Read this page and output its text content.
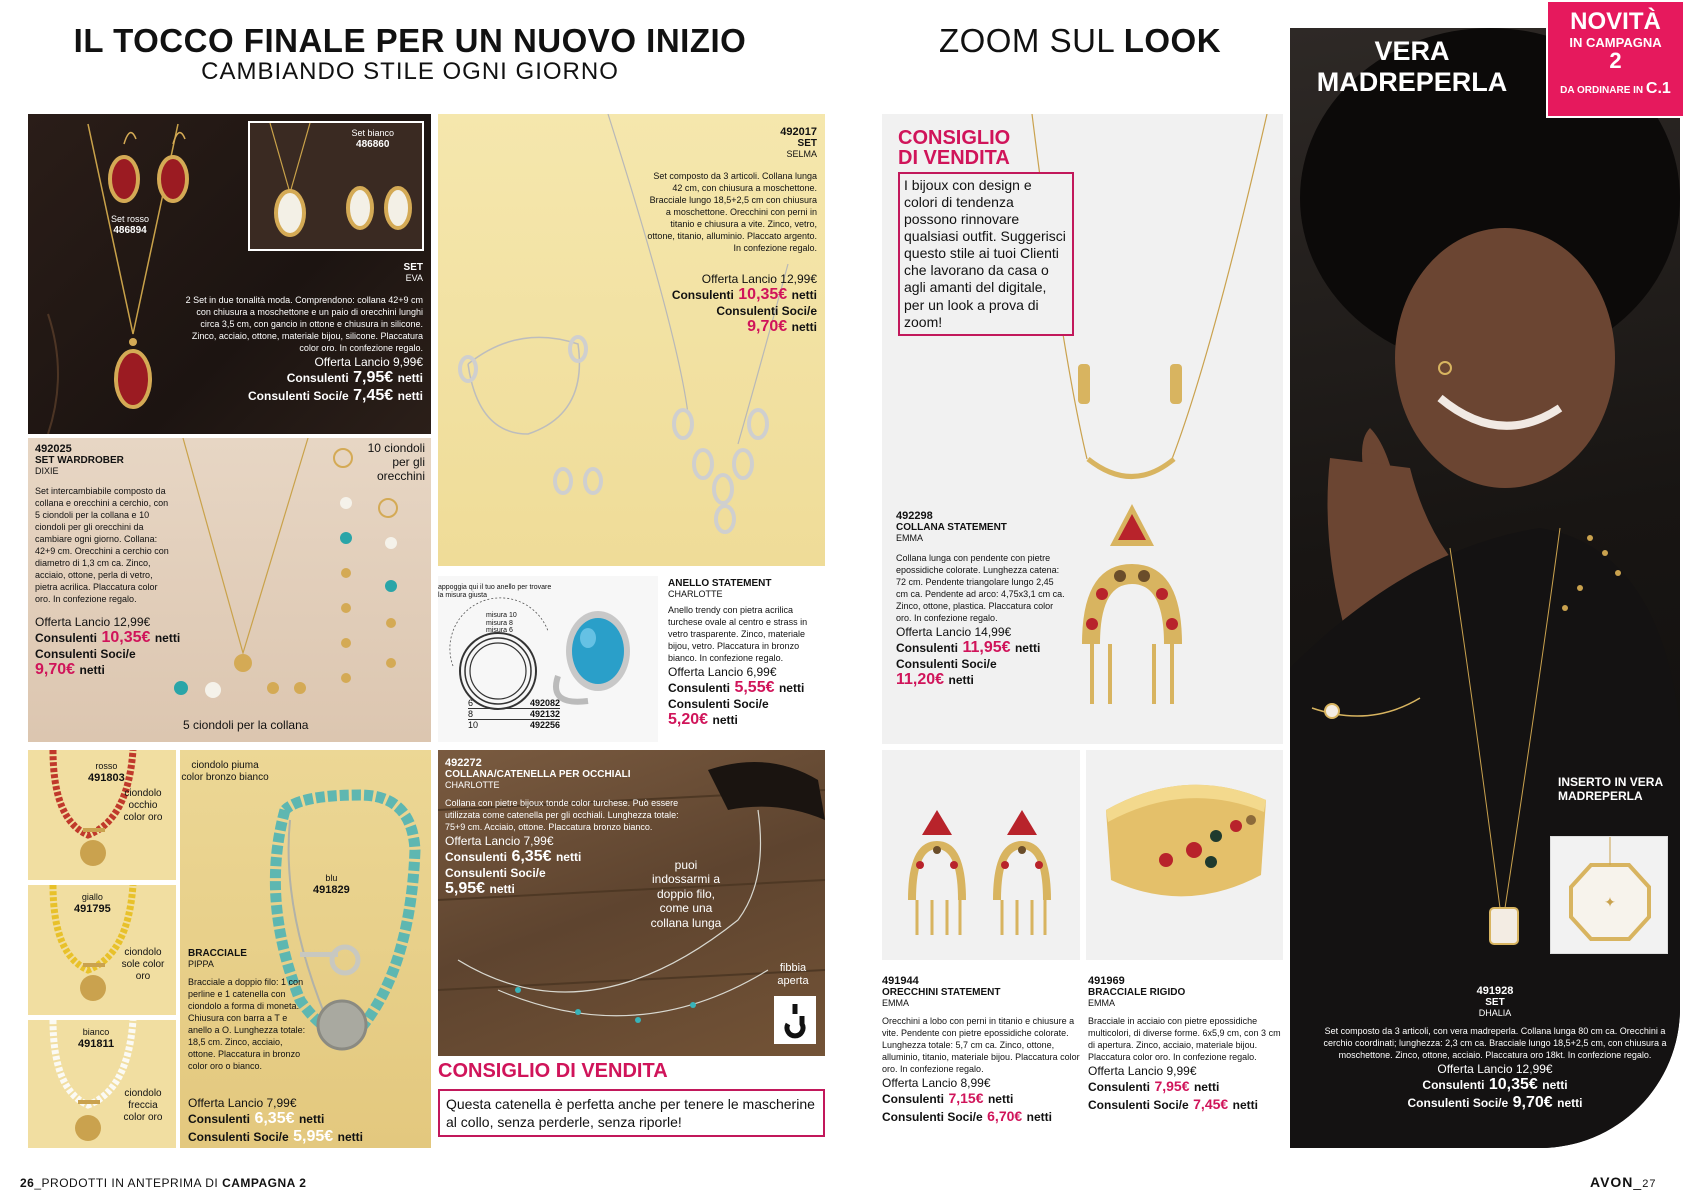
IL TOCCO FINALE PER UN NUOVO INIZIO
CAMBIANDO STILE OGNI GIORNO
Set rosso
486894
Set bianco
486860
SET
EVA
2 Set in due tonalità moda. Comprendono: collana 42+9 cm con chiusura a moschettone e un paio di orecchini lunghi circa 3,5 cm, con gancio in ottone e chiusura in silicone. Zinco, acciaio, ottone, materiale bijou, silicone. Placcatura color oro. In confezione regalo.
Offerta Lancio 9,99€
Consulenti 7,95€ netti
Consulenti Soci/e 7,45€ netti
492017
SET
SELMA
Set composto da 3 articoli. Collana lunga 42 cm, con chiusura a moschettone. Bracciale lungo 18,5+2,5 cm con chiusura a moschettone. Orecchini con perni in titanio e chiusura a vite. Zinco, vetro, ottone, titanio, alluminio. Placcato argento. In confezione regalo.
Offerta Lancio 12,99€
Consulenti 10,35€ netti
Consulenti Soci/e
9,70€ netti
492025
SET WARDROBER
DIXIE
Set intercambiabile composto da collana e orecchini a cerchio, con 5 ciondoli per la collana e 10 ciondoli per gli orecchini da cambiare ogni giorno. Collana: 42+9 cm. Orecchini a cerchio con diametro di 1,3 cm ca. Zinco, acciaio, ottone, perla di vetro, pietra acrilica. Placcatura color oro. In confezione regalo.
Offerta Lancio 12,99€
Consulenti 10,35€ netti
Consulenti Soci/e
9,70€ netti
10 ciondoli per gli orecchini
5 ciondoli per la collana
appoggia qui il tuo anello per trovare la misura giusta
misura 10
misura 8
misura 6
6	492082
8	492132
10	492256
ANELLO STATEMENT
CHARLOTTE
Anello trendy con pietra acrilica turchese ovale al centro e strass in vetro trasparente. Zinco, materiale bijou, vetro. Placcatura in bronzo bianco. In confezione regalo.
Offerta Lancio 6,99€
Consulenti 5,55€ netti
Consulenti Soci/e
5,20€ netti
rosso
491803
ciondolo occhio color oro
giallo
491795
ciondolo sole color oro
bianco
491811
ciondolo freccia color oro
ciondolo piuma color bronzo bianco
blu
491829
BRACCIALE
PIPPA
Bracciale a doppio filo: 1 con perline e 1 catenella con ciondolo a forma di moneta. Chiusura con barra a T e anello a O. Lunghezza totale: 18,5 cm. Zinco, acciaio, ottone. Placcatura in bronzo color oro o bianco.
Offerta Lancio 7,99€
Consulenti 6,35€ netti
Consulenti Soci/e 5,95€ netti
492272
COLLANA/CATENELLA PER OCCHIALI
CHARLOTTE
Collana con pietre bijoux tonde color turchese. Può essere utilizzata come catenella per gli occhiali. Lunghezza totale: 75+9 cm. Acciaio, ottone. Placcatura bronzo bianco.
Offerta Lancio 7,99€
Consulenti 6,35€ netti
Consulenti Soci/e
5,95€ netti
puoi indossarmi a doppio filo, come una collana lunga
fibbia aperta
CONSIGLIO DI VENDITA
Questa catenella è perfetta anche per tenere le mascherine al collo, senza perderle, senza riporle!
26_PRODOTTI IN ANTEPRIMA DI CAMPAGNA 2
ZOOM SUL LOOK
CONSIGLIO
DI VENDITA
I bijoux con design e colori di tendenza possono rinnovare qualsiasi outfit. Suggerisci questo stile ai tuoi Clienti che lavorano da casa o agli amanti del digitale, per un look a prova di zoom!
492298
COLLANA STATEMENT
EMMA
Collana lunga con pendente con pietre epossidiche colorate. Lunghezza catena: 72 cm. Pendente triangolare lungo 2,45 cm ca. Pendente ad arco: 4,75x3,1 cm ca. Zinco, ottone, plastica. Placcatura color oro. In confezione regalo.
Offerta Lancio 14,99€
Consulenti 11,95€ netti
Consulenti Soci/e
11,20€ netti
491944
ORECCHINI STATEMENT
EMMA
Orecchini a lobo con perni in titanio e chiusure a vite. Pendente con pietre epossidiche colorate. Lunghezza totale: 5,7 cm ca. Zinco, ottone, alluminio, titanio, materiale bijou. Placcatura color oro. In confezione regalo.
Offerta Lancio 8,99€
Consulenti 7,15€ netti
Consulenti Soci/e 6,70€ netti
491969
BRACCIALE RIGIDO
EMMA
Bracciale in acciaio con pietre epossidiche multicolori, di diverse forme. 6x5,9 cm, con 3 cm di apertura. Zinco, acciaio, materiale bijou. Placcatura color oro. In confezione regalo.
Offerta Lancio 9,99€
Consulenti 7,95€ netti
Consulenti Soci/e 7,45€ netti
VERA
MADREPERLA
INSERTO IN VERA MADREPERLA
✦
491928
SET
DHALIA
Set composto da 3 articoli, con vera madreperla. Collana lunga 80 cm ca. Orecchini a cerchio coordinati; lunghezza: 2,3 cm ca. Bracciale lungo 18,5+2,5 cm, con chiusura a moschettone. Zinco, ottone, acciaio. Placcatura oro 18kt. In confezione regalo.
Offerta Lancio 12,99€
Consulenti 10,35€ netti
Consulenti Soci/e 9,70€ netti
NOVITÀ
IN CAMPAGNA
2
DA ORDINARE IN C.1
AVON_27
